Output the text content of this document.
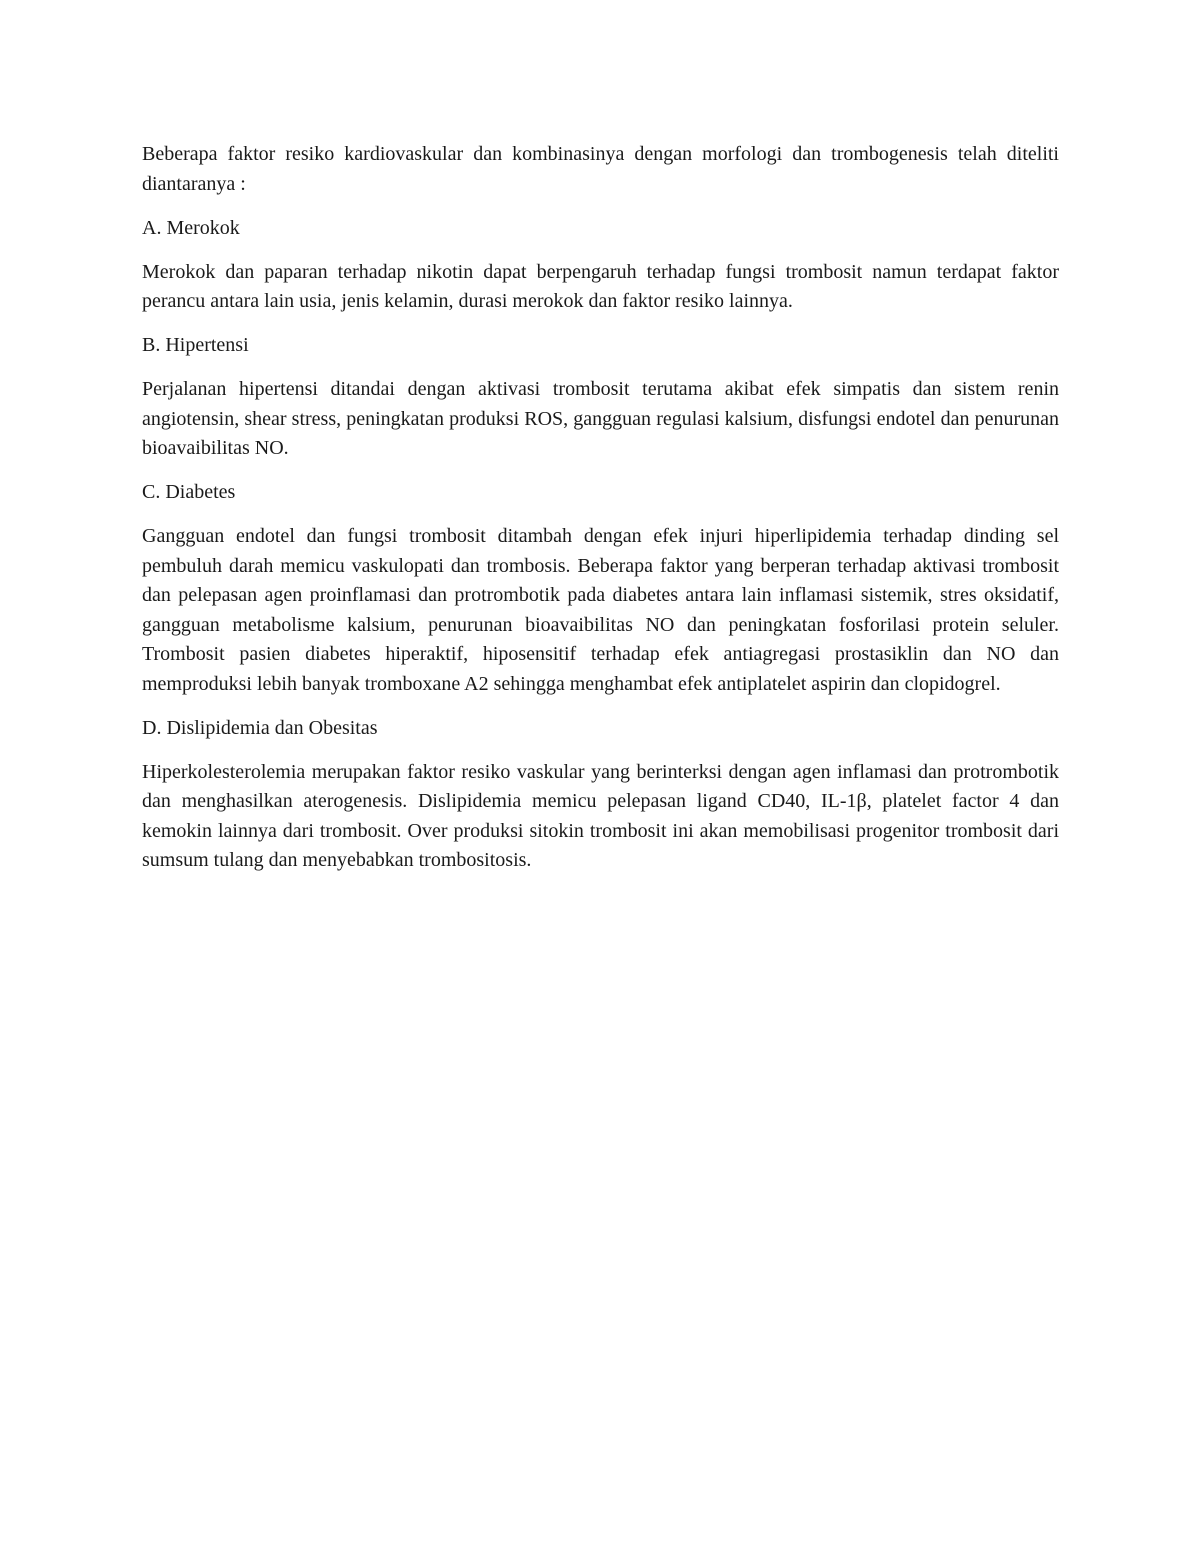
Beberapa faktor resiko kardiovaskular dan kombinasinya dengan morfologi dan trombogenesis telah diteliti diantaranya :

A. Merokok

Merokok dan paparan terhadap nikotin dapat berpengaruh terhadap fungsi trombosit namun terdapat faktor perancu antara lain usia, jenis kelamin, durasi merokok dan faktor resiko lainnya.

B. Hipertensi

Perjalanan hipertensi ditandai dengan aktivasi trombosit terutama akibat efek simpatis dan sistem renin angiotensin, shear stress, peningkatan produksi ROS, gangguan regulasi kalsium, disfungsi endotel dan penurunan bioavaibilitas NO.

C. Diabetes

Gangguan endotel dan fungsi trombosit ditambah dengan efek injuri hiperlipidemia terhadap dinding sel pembuluh darah memicu vaskulopati dan trombosis. Beberapa faktor yang berperan terhadap aktivasi trombosit dan pelepasan agen proinflamasi dan protrombotik pada diabetes antara lain inflamasi sistemik, stres oksidatif, gangguan metabolisme kalsium, penurunan bioavaibilitas NO dan peningkatan fosforilasi protein seluler. Trombosit pasien diabetes hiperaktif, hiposensitif terhadap efek antiagregasi prostasiklin dan NO dan memproduksi lebih banyak tromboxane A2 sehingga menghambat efek antiplatelet aspirin dan clopidogrel.

D. Dislipidemia dan Obesitas

Hiperkolesterolemia merupakan faktor resiko vaskular yang berinterksi dengan agen inflamasi dan protrombotik dan menghasilkan aterogenesis. Dislipidemia memicu pelepasan ligand CD40, IL-1β, platelet factor 4 dan kemokin lainnya dari trombosit. Over produksi sitokin trombosit ini akan memobilisasi progenitor trombosit dari sumsum tulang dan menyebabkan trombositosis.
